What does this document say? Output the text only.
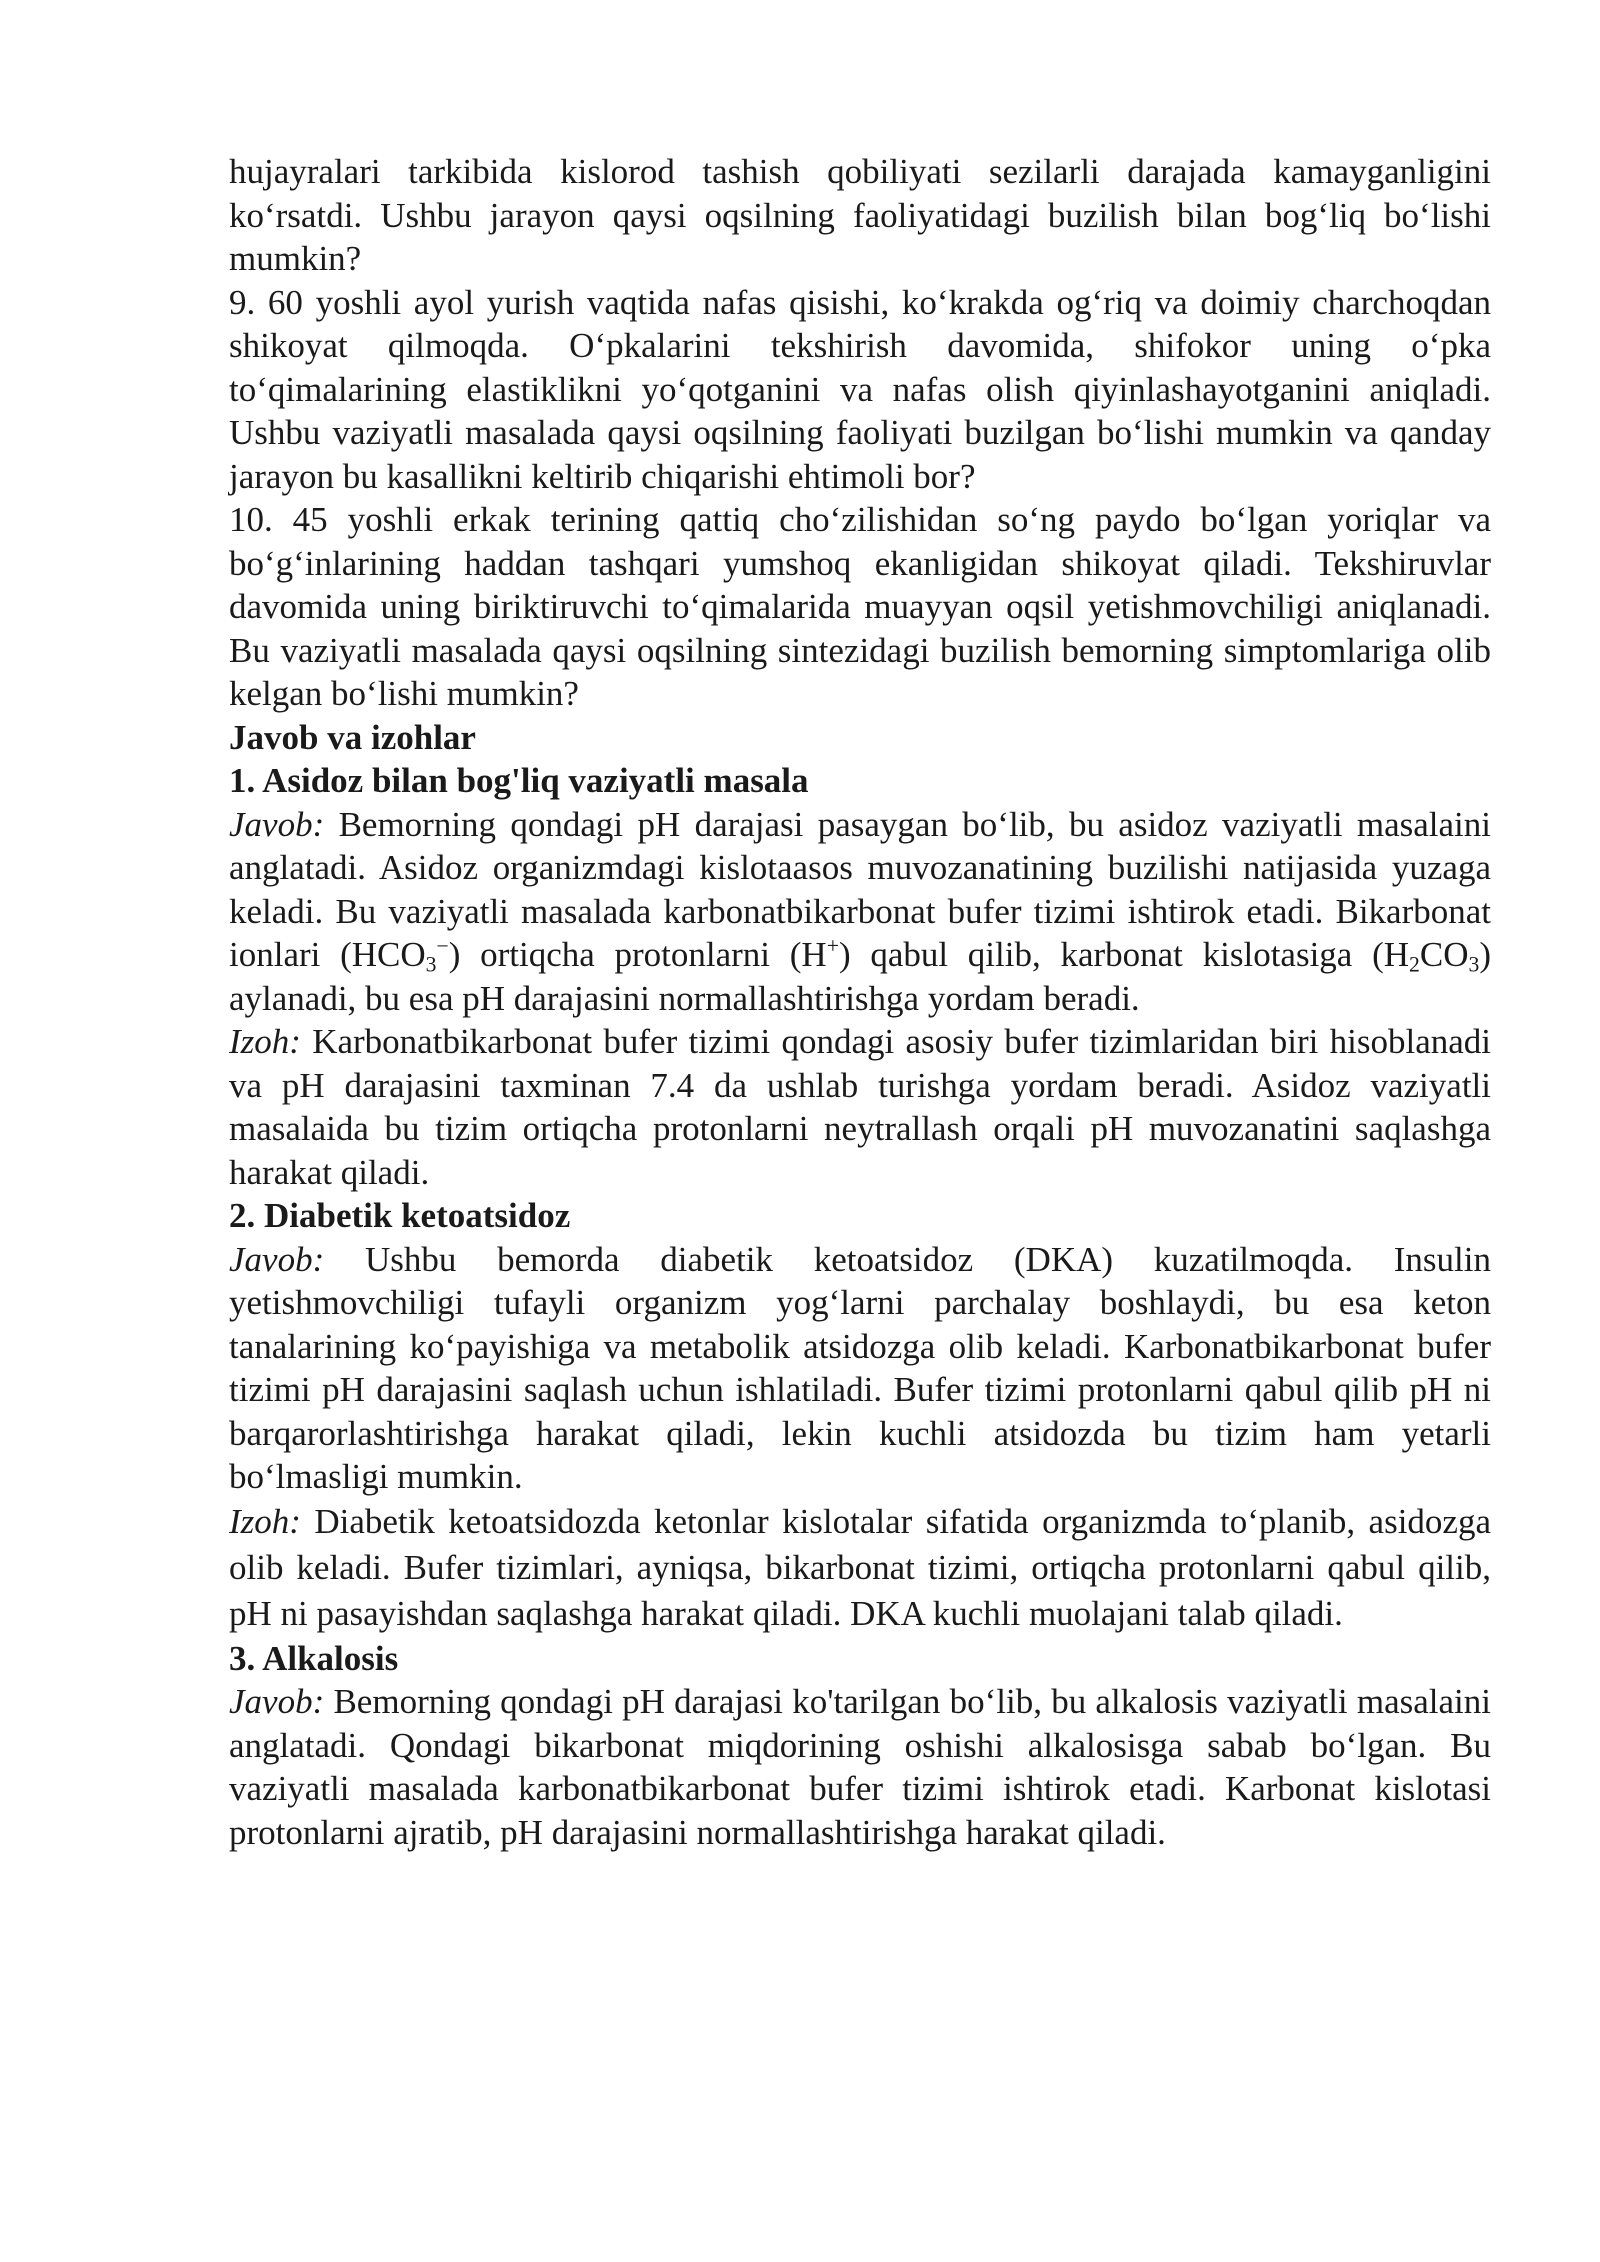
hujayralari tarkibida kislorod tashish qobiliyati sezilarli darajada kamayganligini ko‘rsatdi. Ushbu jarayon qaysi oqsilning faoliyatidagi buzilish bilan bog‘liq bo‘lishi mumkin?

9. 60 yoshli ayol yurish vaqtida nafas qisishi, ko‘krakda og‘riq va doimiy charchoqdan shikoyat qilmoqda. O‘pkalarini tekshirish davomida, shifokor uning o‘pka to‘qimalarining elastiklikni yo‘qotganini va nafas olish qiyinlashayotganini aniqladi. Ushbu vaziyatli masalada qaysi oqsilning faoliyati buzilgan bo‘lishi mumkin va qanday jarayon bu kasallikni keltirib chiqarishi ehtimoli bor?

10. 45 yoshli erkak terining qattiq cho‘zilishidan so‘ng paydo bo‘lgan yoriqlar va bo‘g‘inlarining haddan tashqari yumshoq ekanligidan shikoyat qiladi. Tekshiruvlar davomida uning biriktiruvchi to‘qimalarida muayyan oqsil yetishmovchiligi aniqlanadi. Bu vaziyatli masalada qaysi oqsilning sintezidagi buzilish bemorning simptomlariga olib kelgan bo‘lishi mumkin?

Javob va izohlar

1. Asidoz bilan bog'liq vaziyatli masala

Javob: Bemorning qondagi pH darajasi pasaygan bo‘lib, bu asidoz vaziyatli masalaini anglatadi. Asidoz organizmdagi kislotaasos muvozanatining buzilishi natijasida yuzaga keladi. Bu vaziyatli masalada karbonatbikarbonat bufer tizimi ishtirok etadi. Bikarbonat ionlari $(HCO_3^-)$ ortiqcha protonlarni (H+) qabul qilib, karbonat kislotasiga $(H_2CO_3)$ aylanadi, bu esa pH darajasini normallashtirishga yordam beradi.

Izoh: Karbonatbikarbonat bufer tizimi qondagi asosiy bufer tizimlaridan biri hisoblanadi va pH darajasini taxminan 7.4 da ushlab turishga yordam beradi. Asidoz vaziyatli masalaida bu tizim ortiqcha protonlarni neytrallash orqali pH muvozanatini saqlashga harakat qiladi.

2. Diabetik ketoatsidoz

Javob: Ushbu bemorda diabetik ketoatsidoz (DKA) kuzatilmoqda. Insulin yetishmovchiligi tufayli organizm yog‘larni parchalay boshlaydi, bu esa keton tanalarining ko‘payishiga va metabolik atsidozga olib keladi. Karbonatbikarbonat bufer tizimi pH darajasini saqlash uchun ishlatiladi. Bufer tizimi protonlarni qabul qilib pH ni barqarorlashtirishga harakat qiladi, lekin kuchli atsidozda bu tizim ham yetarli bo‘lmasligi mumkin.

Izoh: Diabetik ketoatsidozda ketonlar kislotalar sifatida organizmda to‘planib, asidozga olib keladi. Bufer tizimlari, ayniqsa, bikarbonat tizimi, ortiqcha protonlarni qabul qilib, pH ni pasayishdan saqlashga harakat qiladi. DKA kuchli muolajani talab qiladi.

3. Alkalosis

Javob: Bemorning qondagi pH darajasi ko'tarilgan bo‘lib, bu alkalosis vaziyatli masalaini anglatadi. Qondagi bikarbonat miqdorining oshishi alkalosisga sabab bo‘lgan. Bu vaziyatli masalada karbonatbikarbonat bufer tizimi ishtirok etadi. Karbonat kislotasi protonlarni ajratib, pH darajasini normallashtirishga harakat qiladi.
